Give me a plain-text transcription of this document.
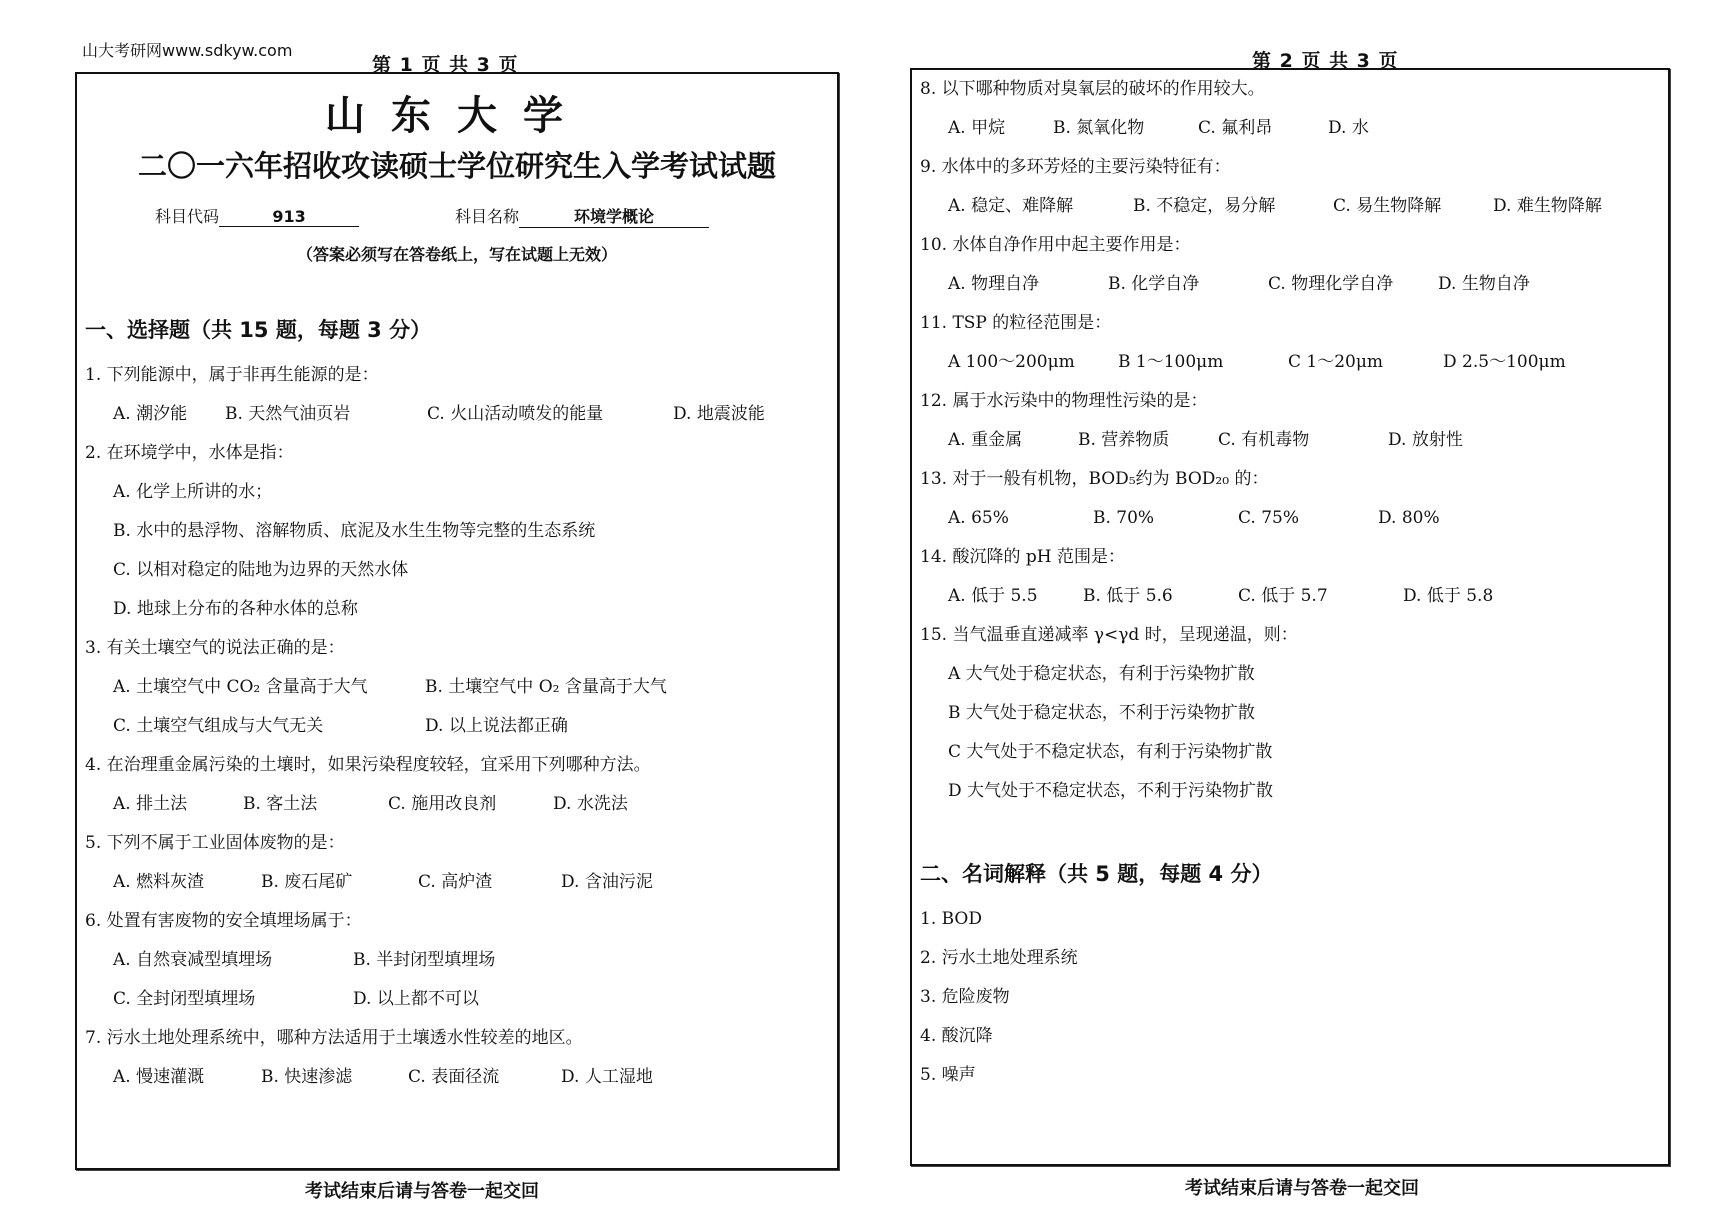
山大考研网www.sdkyw.com
第 1 页 共 3 页	第 2 页 共 3 页
山东大学
二〇一六年招收攻读硕士学位研究生入学考试试题
科目代码	913	科目名称	环境学概论
（答案必须写在答卷纸上，写在试题上无效）
一、选择题（共 15 题，每题 3 分）
1. 下列能源中，属于非再生能源的是：
A. 潮汐能 B. 天然气油页岩	C. 火山活动喷发的能量	D. 地震波能
2. 在环境学中，水体是指：
A. 化学上所讲的水；
B. 水中的悬浮物、溶解物质、底泥及水生生物等完整的生态系统
C. 以相对稳定的陆地为边界的天然水体
D. 地球上分布的各种水体的总称
3. 有关土壤空气的说法正确的是：
A. 土壤空气中 CO₂ 含量高于大气	B. 土壤空气中 O₂ 含量高于大气
C. 土壤空气组成与大气无关	D. 以上说法都正确
4. 在治理重金属污染的土壤时，如果污染程度较轻，宜采用下列哪种方法。
A. 排土法	B. 客土法	C. 施用改良剂	D. 水洗法
5. 下列不属于工业固体废物的是：
A. 燃料灰渣	B. 废石尾矿	C. 高炉渣	D. 含油污泥
6. 处置有害废物的安全填埋场属于：
A. 自然衰减型填埋场	B. 半封闭型填埋场
C. 全封闭型填埋场	D. 以上都不可以
7. 污水土地处理系统中，哪种方法适用于土壤透水性较差的地区。
A. 慢速灌溉	B. 快速渗滤	C. 表面径流	D. 人工湿地
8. 以下哪种物质对臭氧层的破坏的作用较大。
A. 甲烷	B. 氮氧化物	C. 氟利昂	D. 水
9. 水体中的多环芳烃的主要污染特征有：
A. 稳定、难降解	B. 不稳定，易分解	C. 易生物降解	D. 难生物降解
10. 水体自净作用中起主要作用是：
A. 物理自净	B. 化学自净	C. 物理化学自净	D. 生物自净
11. TSP 的粒径范围是：
A 100～200μm	B 1～100μm	C 1～20μm	D 2.5～100μm
12. 属于水污染中的物理性污染的是：
A. 重金属	B. 营养物质	C. 有机毒物	D. 放射性
13. 对于一般有机物，BOD₅约为 BOD₂₀ 的：
A. 65%	B. 70%	C. 75%	D. 80%
14. 酸沉降的 pH 范围是：
A. 低于 5.5	B. 低于 5.6	C. 低于 5.7	D. 低于 5.8
15. 当气温垂直递减率 γ<γd 时，呈现递温，则：
A 大气处于稳定状态，有利于污染物扩散
B 大气处于稳定状态，不利于污染物扩散
C 大气处于不稳定状态，有利于污染物扩散
D 大气处于不稳定状态，不利于污染物扩散
二、名词解释（共 5 题，每题 4 分）
1. BOD
2. 污水土地处理系统
3. 危险废物
4. 酸沉降
5. 噪声
考试结束后请与答卷一起交回	考试结束后请与答卷一起交回
